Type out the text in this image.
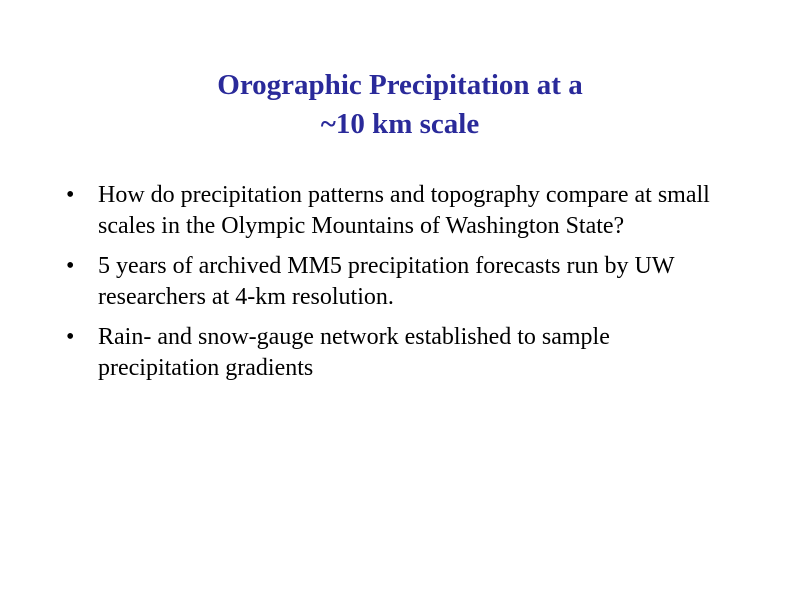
Orographic Precipitation at a
~10 km scale
• How do precipitation patterns and topography compare at small scales in the Olympic Mountains of Washington State?
• 5 years of archived MM5 precipitation forecasts run by UW researchers at 4-km resolution.
• Rain- and snow-gauge network established to sample precipitation gradients
